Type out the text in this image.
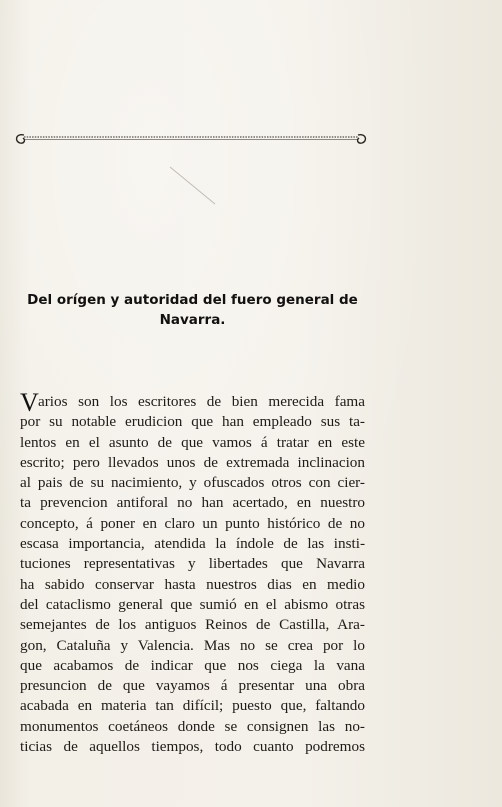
Del orígen y autoridad del fuero general de
Navarra.
V arios son los escritores de bien merecida fama
por su notable erudicion que han empleado sus ta-
lentos en el asunto de que vamos á tratar en este
escrito; pero llevados unos de extremada inclinacion
al pais de su nacimiento, y ofuscados otros con cier-
ta prevencion antiforal no han acertado, en nuestro
concepto, á poner en claro un punto histórico de no
escasa importancia, atendida la índole de las insti-
tuciones representativas y libertades que Navarra
ha sabido conservar hasta nuestros dias en medio
del cataclismo general que sumió en el abismo otras
semejantes de los antiguos Reinos de Castilla, Ara-
gon, Cataluña y Valencia. Mas no se crea por lo
que acabamos de indicar que nos ciega la vana
presuncion de que vayamos á presentar una obra
acabada en materia tan difícil; puesto que, faltando
monumentos coetáneos donde se consignen las no-
ticias de aquellos tiempos, todo cuanto podremos
